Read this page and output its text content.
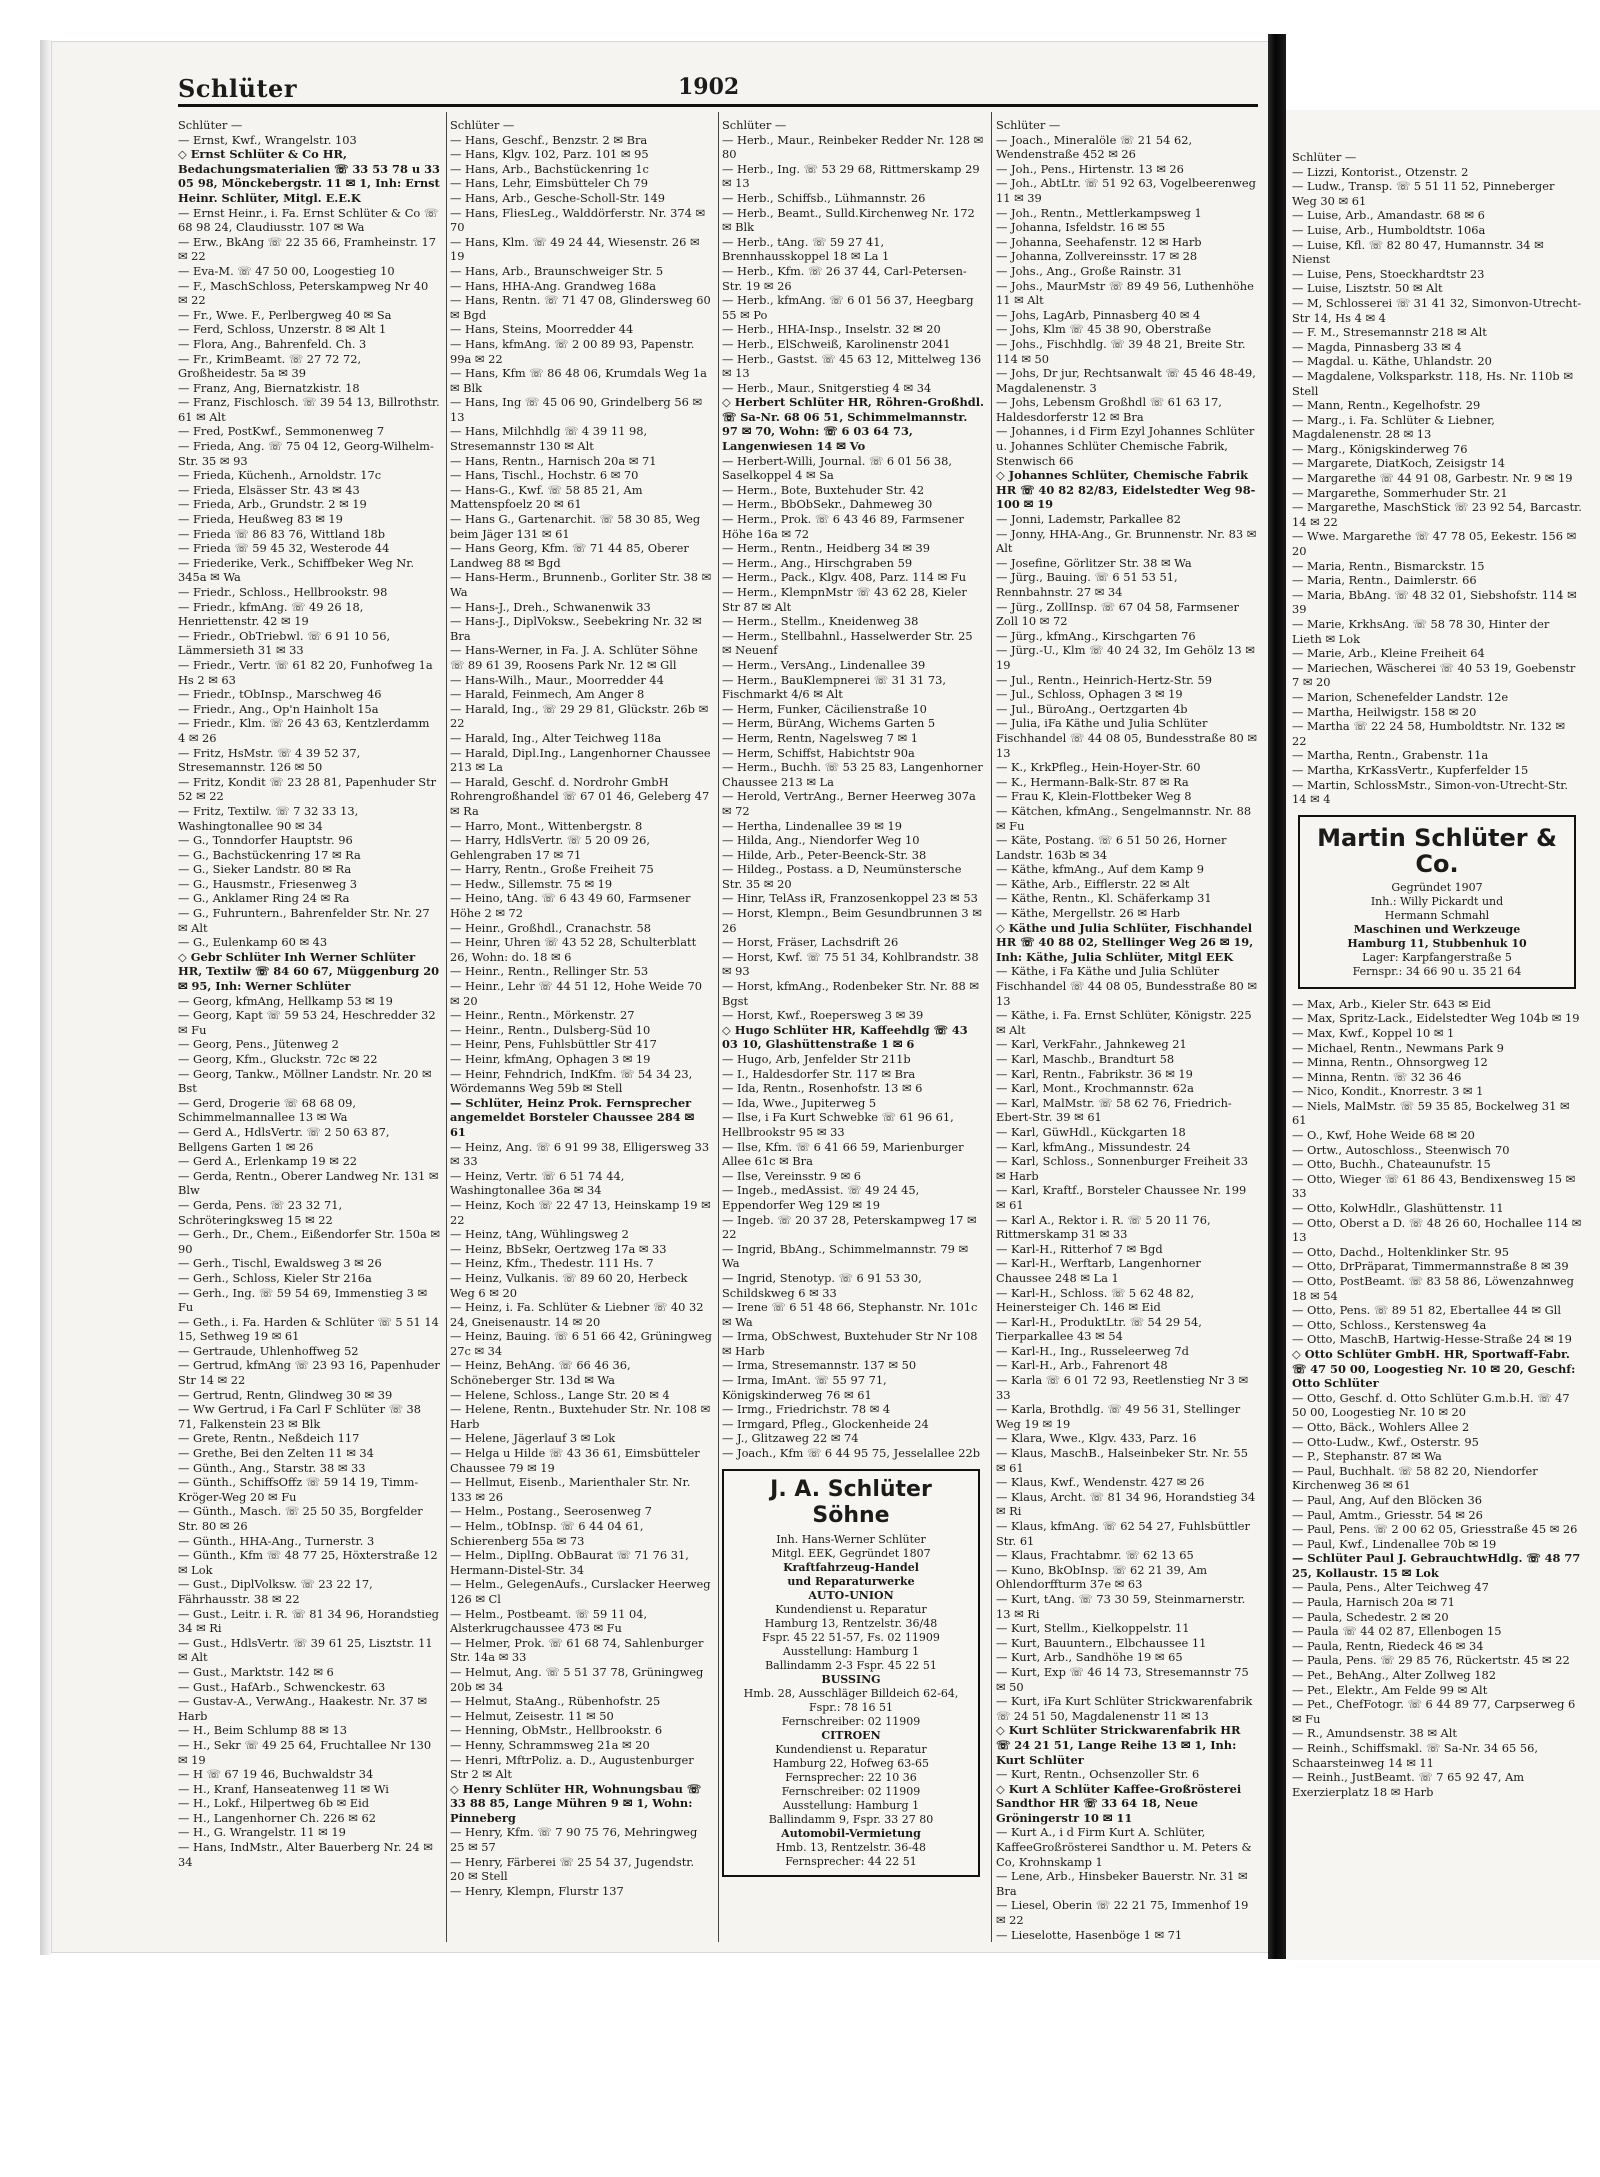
Schlüter	1902
Schlüter —
— Ernst, Kwf., Wrangelstr. 103
◇ Ernst Schlüter & Co HR, Bedachungsmaterialien ☏ 33 53 78 u 33 05 98, Mönckebergstr. 11 ✉ 1, Inh: Ernst Heinr. Schlüter, Mitgl. E.E.K
— Ernst Heinr., i. Fa. Ernst Schlüter & Co ☏ 68 98 24, Claudiusstr. 107 ✉ Wa
— Erw., BkAng ☏ 22 35 66, Framheinstr. 17 ✉ 22
— Eva-M. ☏ 47 50 00, Loogestieg 10
— F., MaschSchloss, Peterskampweg Nr 40 ✉ 22
— Fr., Wwe. F., Perlbergweg 40 ✉ Sa
— Ferd, Schloss, Unzerstr. 8 ✉ Alt 1
— Flora, Ang., Bahrenfeld. Ch. 3
— Fr., KrimBeamt. ☏ 27 72 72, Großheidestr. 5a ✉ 39
— Franz, Ang, Biernatzkistr. 18
— Franz, Fischlosch. ☏ 39 54 13, Billrothstr. 61 ✉ Alt
— Fred, PostKwf., Semmonenweg 7
— Frieda, Ang. ☏ 75 04 12, Georg-Wilhelm-Str. 35 ✉ 93
— Frieda, Küchenh., Arnoldstr. 17c
— Frieda, Elsässer Str. 43 ✉ 43
— Frieda, Arb., Grundstr. 2 ✉ 19
— Frieda, Heußweg 83 ✉ 19
— Frieda ☏ 86 83 76, Wittland 18b
— Frieda ☏ 59 45 32, Westerode 44
— Friederike, Verk., Schiffbeker Weg Nr. 345a ✉ Wa
— Friedr., Schloss., Hellbrookstr. 98
— Friedr., kfmAng. ☏ 49 26 18, Henriettenstr. 42 ✉ 19
— Friedr., ObTriebwl. ☏ 6 91 10 56, Lämmersieth 31 ✉ 33
— Friedr., Vertr. ☏ 61 82 20, Funhofweg 1a Hs 2 ✉ 63
— Friedr., tObInsp., Marschweg 46
— Friedr., Ang., Op'n Hainholt 15a
— Friedr., Klm. ☏ 26 43 63, Kentzlerdamm 4 ✉ 26
— Fritz, HsMstr. ☏ 4 39 52 37, Stresemannstr. 126 ✉ 50
— Fritz, Kondit ☏ 23 28 81, Papenhuder Str 52 ✉ 22
— Fritz, Textilw. ☏ 7 32 33 13, Washingtonallee 90 ✉ 34
— G., Tonndorfer Hauptstr. 96
— G., Bachstückenring 17 ✉ Ra
— G., Sieker Landstr. 80 ✉ Ra
— G., Hausmstr., Friesenweg 3
— G., Anklamer Ring 24 ✉ Ra
— G., Fuhruntern., Bahrenfelder Str. Nr. 27 ✉ Alt
— G., Eulenkamp 60 ✉ 43
◇ Gebr Schlüter Inh Werner Schlüter HR, Textilw ☏ 84 60 67, Müggenburg 20 ✉ 95, Inh: Werner Schlüter
— Georg, kfmAng, Hellkamp 53 ✉ 19
— Georg, Kapt ☏ 59 53 24, Heschredder 32 ✉ Fu
— Georg, Pens., Jütenweg 2
— Georg, Kfm., Gluckstr. 72c ✉ 22
— Georg, Tankw., Möllner Landstr. Nr. 20 ✉ Bst
— Gerd, Drogerie ☏ 68 68 09, Schimmelmannallee 13 ✉ Wa
— Gerd A., HdlsVertr. ☏ 2 50 63 87, Bellgens Garten 1 ✉ 26
— Gerd A., Erlenkamp 19 ✉ 22
— Gerda, Rentn., Oberer Landweg Nr. 131 ✉ Blw
— Gerda, Pens. ☏ 23 32 71, Schröteringksweg 15 ✉ 22
— Gerh., Dr., Chem., Eißendorfer Str. 150a ✉ 90
— Gerh., Tischl, Ewaldsweg 3 ✉ 26
— Gerh., Schloss, Kieler Str 216a
— Gerh., Ing. ☏ 59 54 69, Immenstieg 3 ✉ Fu
— Geth., i. Fa. Harden & Schlüter ☏ 5 51 14 15, Sethweg 19 ✉ 61
— Gertraude, Uhlenhoffweg 52
— Gertrud, kfmAng ☏ 23 93 16, Papenhuder Str 14 ✉ 22
— Gertrud, Rentn, Glindweg 30 ✉ 39
— Ww Gertrud, i Fa Carl F Schlüter ☏ 38 71, Falkenstein 23 ✉ Blk
— Grete, Rentn., Neßdeich 117
— Grethe, Bei den Zelten 11 ✉ 34
— Günth., Ang., Starstr. 38 ✉ 33
— Günth., SchiffsOffz ☏ 59 14 19, Timm-Kröger-Weg 20 ✉ Fu
— Günth., Masch. ☏ 25 50 35, Borgfelder Str. 80 ✉ 26
— Günth., HHA-Ang., Turnerstr. 3
— Günth., Kfm ☏ 48 77 25, Höxterstraße 12 ✉ Lok
— Gust., DiplVolksw. ☏ 23 22 17, Fährhausstr. 38 ✉ 22
— Gust., Leitr. i. R. ☏ 81 34 96, Horandstieg 34 ✉ Ri
— Gust., HdlsVertr. ☏ 39 61 25, Lisztstr. 11 ✉ Alt
— Gust., Marktstr. 142 ✉ 6
— Gust., HafArb., Schwenckestr. 63
— Gustav-A., VerwAng., Haakestr. Nr. 37 ✉ Harb
— H., Beim Schlump 88 ✉ 13
— H., Sekr ☏ 49 25 64, Fruchtallee Nr 130 ✉ 19
— H ☏ 67 19 46, Buchwaldstr 34
— H., Kranf, Hanseatenweg 11 ✉ Wi
— H., Lokf., Hilpertweg 6b ✉ Eid
— H., Langenhorner Ch. 226 ✉ 62
— H., G. Wrangelstr. 11 ✉ 19
— Hans, IndMstr., Alter Bauerberg Nr. 24 ✉ 34
Schlüter —
— Hans, Geschf., Benzstr. 2 ✉ Bra
— Hans, Klgv. 102, Parz. 101 ✉ 95
— Hans, Arb., Bachstückenring 1c
— Hans, Lehr, Eimsbütteler Ch 79
— Hans, Arb., Gesche-Scholl-Str. 149
— Hans, FliesLeg., Walddörferstr. Nr. 374 ✉ 70
— Hans, Klm. ☏ 49 24 44, Wiesenstr. 26 ✉ 19
— Hans, Arb., Braunschweiger Str. 5
— Hans, HHA-Ang. Grandweg 168a
— Hans, Rentn. ☏ 71 47 08, Glindersweg 60 ✉ Bgd
— Hans, Steins, Moorredder 44
— Hans, kfmAng. ☏ 2 00 89 93, Papenstr. 99a ✉ 22
— Hans, Kfm ☏ 86 48 06, Krumdals Weg 1a ✉ Blk
— Hans, Ing ☏ 45 06 90, Grindelberg 56 ✉ 13
— Hans, Milchhdlg ☏ 4 39 11 98, Stresemannstr 130 ✉ Alt
— Hans, Rentn., Harnisch 20a ✉ 71
— Hans, Tischl., Hochstr. 6 ✉ 70
— Hans-G., Kwf. ☏ 58 85 21, Am Mattenspfoelz 20 ✉ 61
— Hans G., Gartenarchit. ☏ 58 30 85, Weg beim Jäger 131 ✉ 61
— Hans Georg, Kfm. ☏ 71 44 85, Oberer Landweg 88 ✉ Bgd
— Hans-Herm., Brunnenb., Gorliter Str. 38 ✉ Wa
— Hans-J., Dreh., Schwanenwik 33
— Hans-J., DiplVoksw., Seebekring Nr. 32 ✉ Bra
— Hans-Werner, in Fa. J. A. Schlüter Söhne ☏ 89 61 39, Roosens Park Nr. 12 ✉ Gll
— Hans-Wilh., Maur., Moorredder 44
— Harald, Feinmech, Am Anger 8
— Harald, Ing., ☏ 29 29 81, Glückstr. 26b ✉ 22
— Harald, Ing., Alter Teichweg 118a
— Harald, Dipl.Ing., Langenhorner Chaussee 213 ✉ La
— Harald, Geschf. d. Nordrohr GmbH Rohrengroßhandel ☏ 67 01 46, Geleberg 47 ✉ Ra
— Harro, Mont., Wittenbergstr. 8
— Harry, HdlsVertr. ☏ 5 20 09 26, Gehlengraben 17 ✉ 71
— Harry, Rentn., Große Freiheit 75
— Hedw., Sillemstr. 75 ✉ 19
— Heino, tAng. ☏ 6 43 49 60, Farmsener Höhe 2 ✉ 72
— Heinr., Großhdl., Cranachstr. 58
— Heinr, Uhren ☏ 43 52 28, Schulterblatt 26, Wohn: do. 18 ✉ 6
— Heinr., Rentn., Rellinger Str. 53
— Heinr., Lehr ☏ 44 51 12, Hohe Weide 70 ✉ 20
— Heinr., Rentn., Mörkenstr. 27
— Heinr., Rentn., Dulsberg-Süd 10
— Heinr, Pens, Fuhlsbüttler Str 417
— Heinr, kfmAng, Ophagen 3 ✉ 19
— Heinr, Fehndrich, IndKfm. ☏ 54 34 23, Wördemanns Weg 59b ✉ Stell
— Schlüter, Heinz Prok. Fernsprecher angemeldet Borsteler Chaussee 284 ✉ 61
— Heinz, Ang. ☏ 6 91 99 38, Elligersweg 33 ✉ 33
— Heinz, Vertr. ☏ 6 51 74 44, Washingtonallee 36a ✉ 34
— Heinz, Koch ☏ 22 47 13, Heinskamp 19 ✉ 22
— Heinz, tAng, Wühlingsweg 2
— Heinz, BbSekr, Oertzweg 17a ✉ 33
— Heinz, Kfm., Thedestr. 111 Hs. 7
— Heinz, Vulkanis. ☏ 89 60 20, Herbeck Weg 6 ✉ 20
— Heinz, i. Fa. Schlüter & Liebner ☏ 40 32 24, Gneisenaustr. 14 ✉ 20
— Heinz, Bauing. ☏ 6 51 66 42, Grüningweg 27c ✉ 34
— Heinz, BehAng. ☏ 66 46 36, Schöneberger Str. 13d ✉ Wa
— Helene, Schloss., Lange Str. 20 ✉ 4
— Helene, Rentn., Buxtehuder Str. Nr. 108 ✉ Harb
— Helene, Jägerlauf 3 ✉ Lok
— Helga u Hilde ☏ 43 36 61, Eimsbütteler Chaussee 79 ✉ 19
— Hellmut, Eisenb., Marienthaler Str. Nr. 133 ✉ 26
— Helm., Postang., Seerosenweg 7
— Helm., tObInsp. ☏ 6 44 04 61, Schierenberg 55a ✉ 73
— Helm., DiplIng. ObBaurat ☏ 71 76 31, Hermann-Distel-Str. 34
— Helm., GelegenAufs., Curslacker Heerweg 126 ✉ Cl
— Helm., Postbeamt. ☏ 59 11 04, Alsterkrugchaussee 473 ✉ Fu
— Helmer, Prok. ☏ 61 68 74, Sahlenburger Str. 14a ✉ 33
— Helmut, Ang. ☏ 5 51 37 78, Grüningweg 20b ✉ 34
— Helmut, StaAng., Rübenhofstr. 25
— Helmut, Zeisestr. 11 ✉ 50
— Henning, ObMstr., Hellbrookstr. 6
— Henny, Schrammsweg 21a ✉ 20
— Henri, MftrPoliz. a. D., Augustenburger Str 2 ✉ Alt
◇ Henry Schlüter HR, Wohnungsbau ☏ 33 88 85, Lange Mühren 9 ✉ 1, Wohn: Pinneberg
— Henry, Kfm. ☏ 7 90 75 76, Mehringweg 25 ✉ 57
— Henry, Färberei ☏ 25 54 37, Jugendstr. 20 ✉ Stell
— Henry, Klempn, Flurstr 137
Schlüter —
— Herb., Maur., Reinbeker Redder Nr. 128 ✉ 80
— Herb., Ing. ☏ 53 29 68, Rittmerskamp 29 ✉ 13
— Herb., Schiffsb., Lühmannstr. 26
— Herb., Beamt., Sulld.Kirchenweg Nr. 172 ✉ Blk
— Herb., tAng. ☏ 59 27 41, Brennhausskoppel 18 ✉ La 1
— Herb., Kfm. ☏ 26 37 44, Carl-Petersen-Str. 19 ✉ 26
— Herb., kfmAng. ☏ 6 01 56 37, Heegbarg 55 ✉ Po
— Herb., HHA-Insp., Inselstr. 32 ✉ 20
— Herb., ElSchweiß, Karolinenstr 2041
— Herb., Gastst. ☏ 45 63 12, Mittelweg 136 ✉ 13
— Herb., Maur., Snitgerstieg 4 ✉ 34
◇ Herbert Schlüter HR, Röhren-Großhdl. ☏ Sa-Nr. 68 06 51, Schimmelmannstr. 97 ✉ 70, Wohn: ☏ 6 03 64 73, Langenwiesen 14 ✉ Vo
— Herbert-Willi, Journal. ☏ 6 01 56 38, Saselkoppel 4 ✉ Sa
— Herm., Bote, Buxtehuder Str. 42
— Herm., BbObSekr., Dahmeweg 30
— Herm., Prok. ☏ 6 43 46 89, Farmsener Höhe 16a ✉ 72
— Herm., Rentn., Heidberg 34 ✉ 39
— Herm., Ang., Hirschgraben 59
— Herm., Pack., Klgv. 408, Parz. 114 ✉ Fu
— Herm., KlempnMstr ☏ 43 62 28, Kieler Str 87 ✉ Alt
— Herm., Stellm., Kneidenweg 38
— Herm., Stellbahnl., Hasselwerder Str. 25 ✉ Neuenf
— Herm., VersAng., Lindenallee 39
— Herm., BauKlempnerei ☏ 31 31 73, Fischmarkt 4/6 ✉ Alt
— Herm, Funker, Cäcilienstraße 10
— Herm, BürAng, Wichems Garten 5
— Herm, Rentn, Nagelsweg 7 ✉ 1
— Herm, Schiffst, Habichtstr 90a
— Herm., Buchh. ☏ 53 25 83, Langenhorner Chaussee 213 ✉ La
— Herold, VertrAng., Berner Heerweg 307a ✉ 72
— Hertha, Lindenallee 39 ✉ 19
— Hilda, Ang., Niendorfer Weg 10
— Hilde, Arb., Peter-Beenck-Str. 38
— Hildeg., Postass. a D, Neumünstersche Str. 35 ✉ 20
— Hinr, TelAss iR, Franzosenkoppel 23 ✉ 53
— Horst, Klempn., Beim Gesundbrunnen 3 ✉ 26
— Horst, Fräser, Lachsdrift 26
— Horst, Kwf. ☏ 75 51 34, Kohlbrandstr. 38 ✉ 93
— Horst, kfmAng., Rodenbeker Str. Nr. 88 ✉ Bgst
— Horst, Kwf., Roepersweg 3 ✉ 39
◇ Hugo Schlüter HR, Kaffeehdlg ☏ 43 03 10, Glashüttenstraße 1 ✉ 6
— Hugo, Arb, Jenfelder Str 211b
— I., Haldesdorfer Str. 117 ✉ Bra
— Ida, Rentn., Rosenhofstr. 13 ✉ 6
— Ida, Wwe., Jupiterweg 5
— Ilse, i Fa Kurt Schwebke ☏ 61 96 61, Hellbrookstr 95 ✉ 33
— Ilse, Kfm. ☏ 6 41 66 59, Marienburger Allee 61c ✉ Bra
— Ilse, Vereinsstr. 9 ✉ 6
— Ingeb., medAssist. ☏ 49 24 45, Eppendorfer Weg 129 ✉ 19
— Ingeb. ☏ 20 37 28, Peterskampweg 17 ✉ 22
— Ingrid, BbAng., Schimmelmannstr. 79 ✉ Wa
— Ingrid, Stenotyp. ☏ 6 91 53 30, Schildskweg 6 ✉ 33
— Irene ☏ 6 51 48 66, Stephanstr. Nr. 101c ✉ Wa
— Irma, ObSchwest, Buxtehuder Str Nr 108 ✉ Harb
— Irma, Stresemannstr. 137 ✉ 50
— Irma, ImAnt. ☏ 55 97 71, Königskinderweg 76 ✉ 61
— Irmg., Friedrichstr. 78 ✉ 4
— Irmgard, Pfleg., Glockenheide 24
— J., Glitzaweg 22 ✉ 74
— Joach., Kfm ☏ 6 44 95 75, Jesselallee 22b
J. A. Schlüter Söhne
Inh. Hans-Werner Schlüter
Mitgl. EEK, Gegründet 1807
Kraftfahrzeug-Handel
und Reparaturwerke
AUTO-UNION
Kundendienst u. Reparatur
Hamburg 13, Rentzelstr. 36/48
Fspr. 45 22 51-57, Fs. 02 11909
Ausstellung: Hamburg 1
Ballindamm 2-3 Fspr. 45 22 51
BUSSING
Hmb. 28, Ausschläger Billdeich 62-64, Fspr.: 78 16 51
Fernschreiber: 02 11909
CITROEN
Kundendienst u. Reparatur
Hamburg 22, Hofweg 63-65
Fernsprecher: 22 10 36
Fernschreiber: 02 11909
Ausstellung: Hamburg 1
Ballindamm 9, Fspr. 33 27 80
Automobil-Vermietung
Hmb. 13, Rentzelstr. 36-48
Fernsprecher: 44 22 51
Schlüter —
— Joach., Mineralöle ☏ 21 54 62, Wendenstraße 452 ✉ 26
— Joh., Pens., Hirtenstr. 13 ✉ 26
— Joh., AbtLtr. ☏ 51 92 63, Vogelbeerenweg 11 ✉ 39
— Joh., Rentn., Mettlerkampsweg 1
— Johanna, Isfeldstr. 16 ✉ 55
— Johanna, Seehafenstr. 12 ✉ Harb
— Johanna, Zollvereinsstr. 17 ✉ 28
— Johs., Ang., Große Rainstr. 31
— Johs., MaurMstr ☏ 89 49 56, Luthenhöhe 11 ✉ Alt
— Johs, LagArb, Pinnasberg 40 ✉ 4
— Johs, Klm ☏ 45 38 90, Oberstraße
— Johs., Fischhdlg. ☏ 39 48 21, Breite Str. 114 ✉ 50
— Johs, Dr jur, Rechtsanwalt ☏ 45 46 48-49, Magdalenenstr. 3
— Johs, Lebensm Großhdl ☏ 61 63 17, Haldesdorferstr 12 ✉ Bra
— Johannes, i d Firm Ezyl Johannes Schlüter u. Johannes Schlüter Chemische Fabrik, Stenwisch 66
◇ Johannes Schlüter, Chemische Fabrik HR ☏ 40 82 82/83, Eidelstedter Weg 98-100 ✉ 19
— Jonni, Lademstr, Parkallee 82
— Jonny, HHA-Ang., Gr. Brunnenstr. Nr. 83 ✉ Alt
— Josefine, Görlitzer Str. 38 ✉ Wa
— Jürg., Bauing. ☏ 6 51 53 51, Rennbahnstr. 27 ✉ 34
— Jürg., ZollInsp. ☏ 67 04 58, Farmsener Zoll 10 ✉ 72
— Jürg., kfmAng., Kirschgarten 76
— Jürg.-U., Klm ☏ 40 24 32, Im Gehölz 13 ✉ 19
— Jul., Rentn., Heinrich-Hertz-Str. 59
— Jul., Schloss, Ophagen 3 ✉ 19
— Jul., BüroAng., Oertzgarten 4b
— Julia, iFa Käthe und Julia Schlüter Fischhandel ☏ 44 08 05, Bundesstraße 80 ✉ 13
— K., KrkPfleg., Hein-Hoyer-Str. 60
— K., Hermann-Balk-Str. 87 ✉ Ra
— Frau K, Klein-Flottbeker Weg 8
— Kätchen, kfmAng., Sengelmannstr. Nr. 88 ✉ Fu
— Käte, Postang. ☏ 6 51 50 26, Horner Landstr. 163b ✉ 34
— Käthe, kfmAng., Auf dem Kamp 9
— Käthe, Arb., Eifflerstr. 22 ✉ Alt
— Käthe, Rentn., Kl. Schäferkamp 31
— Käthe, Mergellstr. 26 ✉ Harb
◇ Käthe und Julia Schlüter, Fischhandel HR ☏ 40 88 02, Stellinger Weg 26 ✉ 19, Inh: Käthe, Julia Schlüter, Mitgl EEK
— Käthe, i Fa Käthe und Julia Schlüter Fischhandel ☏ 44 08 05, Bundesstraße 80 ✉ 13
— Käthe, i. Fa. Ernst Schlüter, Königstr. 225 ✉ Alt
— Karl, VerkFahr., Jahnkeweg 21
— Karl, Maschb., Brandturt 58
— Karl, Rentn., Fabrikstr. 36 ✉ 19
— Karl, Mont., Krochmannstr. 62a
— Karl, MalMstr. ☏ 58 62 76, Friedrich-Ebert-Str. 39 ✉ 61
— Karl, GüwHdl., Kückgarten 18
— Karl, kfmAng., Missundestr. 24
— Karl, Schloss., Sonnenburger Freiheit 33 ✉ Harb
— Karl, Kraftf., Borsteler Chaussee Nr. 199 ✉ 61
— Karl A., Rektor i. R. ☏ 5 20 11 76, Rittmerskamp 31 ✉ 33
— Karl-H., Ritterhof 7 ✉ Bgd
— Karl-H., Werftarb, Langenhorner Chaussee 248 ✉ La 1
— Karl-H., Schloss. ☏ 5 62 48 82, Heinersteiger Ch. 146 ✉ Eid
— Karl-H., ProduktLtr. ☏ 54 29 54, Tierparkallee 43 ✉ 54
— Karl-H., Ing., Russeleerweg 7d
— Karl-H., Arb., Fahrenort 48
— Karla ☏ 6 01 72 93, Reetlenstieg Nr 3 ✉ 33
— Karla, Brothdlg. ☏ 49 56 31, Stellinger Weg 19 ✉ 19
— Klara, Wwe., Klgv. 433, Parz. 16
— Klaus, MaschB., Halseinbeker Str. Nr. 55 ✉ 61
— Klaus, Kwf., Wendenstr. 427 ✉ 26
— Klaus, Archt. ☏ 81 34 96, Horandstieg 34 ✉ Ri
— Klaus, kfmAng. ☏ 62 54 27, Fuhlsbüttler Str. 61
— Klaus, Frachtabmr. ☏ 62 13 65
— Kuno, BkObInsp. ☏ 62 21 39, Am Ohlendorffturm 37e ✉ 63
— Kurt, tAng. ☏ 73 30 59, Steinmarnerstr. 13 ✉ Ri
— Kurt, Stellm., Kielkoppelstr. 11
— Kurt, Bauuntern., Elbchaussee 11
— Kurt, Arb., Sandhöhe 19 ✉ 65
— Kurt, Exp ☏ 46 14 73, Stresemannstr 75 ✉ 50
— Kurt, iFa Kurt Schlüter Strickwarenfabrik ☏ 24 51 50, Magdalenenstr 11 ✉ 13
◇ Kurt Schlüter Strickwarenfabrik HR ☏ 24 21 51, Lange Reihe 13 ✉ 1, Inh: Kurt Schlüter
— Kurt, Rentn., Ochsenzoller Str. 6
◇ Kurt A Schlüter Kaffee-Großrösterei Sandthor HR ☏ 33 64 18, Neue Gröningerstr 10 ✉ 11
— Kurt A., i d Firm Kurt A. Schlüter, KaffeeGroßrösterei Sandthor u. M. Peters & Co, Krohnskamp 1
— Lene, Arb., Hinsbeker Bauerstr. Nr. 31 ✉ Bra
— Liesel, Oberin ☏ 22 21 75, Immenhof 19 ✉ 22
— Lieselotte, Hasenböge 1 ✉ 71
Schlüter —
— Lizzi, Kontorist., Otzenstr. 2
— Ludw., Transp. ☏ 5 51 11 52, Pinneberger Weg 30 ✉ 61
— Luise, Arb., Amandastr. 68 ✉ 6
— Luise, Arb., Humboldtstr. 106a
— Luise, Kfl. ☏ 82 80 47, Humannstr. 34 ✉ Nienst
— Luise, Pens, Stoeckhardtstr 23
— Luise, Lisztstr. 50 ✉ Alt
— M, Schlosserei ☏ 31 41 32, Simonvon-Utrecht-Str 14, Hs 4 ✉ 4
— F. M., Stresemannstr 218 ✉ Alt
— Magda, Pinnasberg 33 ✉ 4
— Magdal. u. Käthe, Uhlandstr. 20
— Magdalene, Volksparkstr. 118, Hs. Nr. 110b ✉ Stell
— Mann, Rentn., Kegelhofstr. 29
— Marg., i. Fa. Schlüter & Liebner, Magdalenenstr. 28 ✉ 13
— Marg., Königskinderweg 76
— Margarete, DiatKoch, Zeisigstr 14
— Margarethe ☏ 44 91 08, Garbestr. Nr. 9 ✉ 19
— Margarethe, Sommerhuder Str. 21
— Margarethe, MaschStick ☏ 23 92 54, Barcastr. 14 ✉ 22
— Wwe. Margarethe ☏ 47 78 05, Eekestr. 156 ✉ 20
— Maria, Rentn., Bismarckstr. 15
— Maria, Rentn., Daimlerstr. 66
— Maria, BbAng. ☏ 48 32 01, Siebshofstr. 114 ✉ 39
— Marie, KrkhsAng. ☏ 58 78 30, Hinter der Lieth ✉ Lok
— Marie, Arb., Kleine Freiheit 64
— Mariechen, Wäscherei ☏ 40 53 19, Goebenstr 7 ✉ 20
— Marion, Schenefelder Landstr. 12e
— Martha, Heilwigstr. 158 ✉ 20
— Martha ☏ 22 24 58, Humboldtstr. Nr. 132 ✉ 22
— Martha, Rentn., Grabenstr. 11a
— Martha, KrKassVertr., Kupferfelder 15
— Martin, SchlossMstr., Simon-von-Utrecht-Str. 14 ✉ 4
Martin Schlüter & Co.
Gegründet 1907
Inh.: Willy Pickardt und
Hermann Schmahl
Maschinen und Werkzeuge
Hamburg 11, Stubbenhuk 10
Lager: Karpfangerstraße 5
Fernspr.: 34 66 90 u. 35 21 64
— Max, Arb., Kieler Str. 643 ✉ Eid
— Max, Spritz-Lack., Eidelstedter Weg 104b ✉ 19
— Max, Kwf., Koppel 10 ✉ 1
— Michael, Rentn., Newmans Park 9
— Minna, Rentn., Ohnsorgweg 12
— Minna, Rentn. ☏ 32 36 46
— Nico, Kondit., Knorrestr. 3 ✉ 1
— Niels, MalMstr. ☏ 59 35 85, Bockelweg 31 ✉ 61
— O., Kwf, Hohe Weide 68 ✉ 20
— Ortw., Autoschloss., Steenwisch 70
— Otto, Buchh., Chateaunufstr. 15
— Otto, Wieger ☏ 61 86 43, Bendixensweg 15 ✉ 33
— Otto, KolwHdlr., Glashüttenstr. 11
— Otto, Oberst a D. ☏ 48 26 60, Hochallee 114 ✉ 13
— Otto, Dachd., Holtenklinker Str. 95
— Otto, DrPräparat, Timmermannstraße 8 ✉ 39
— Otto, PostBeamt. ☏ 83 58 86, Löwenzahnweg 18 ✉ 54
— Otto, Pens. ☏ 89 51 82, Ebertallee 44 ✉ Gll
— Otto, Schloss., Kerstensweg 4a
— Otto, MaschB, Hartwig-Hesse-Straße 24 ✉ 19
◇ Otto Schlüter GmbH. HR, Sportwaff-Fabr. ☏ 47 50 00, Loogestieg Nr. 10 ✉ 20, Geschf: Otto Schlüter
— Otto, Geschf. d. Otto Schlüter G.m.b.H. ☏ 47 50 00, Loogestieg Nr. 10 ✉ 20
— Otto, Bäck., Wohlers Allee 2
— Otto-Ludw., Kwf., Osterstr. 95
— P., Stephanstr. 87 ✉ Wa
— Paul, Buchhalt. ☏ 58 82 20, Niendorfer Kirchenweg 36 ✉ 61
— Paul, Ang, Auf den Blöcken 36
— Paul, Amtm., Griesstr. 54 ✉ 26
— Paul, Pens. ☏ 2 00 62 05, Griesstraße 45 ✉ 26
— Paul, Kwf., Lindenallee 70b ✉ 19
— Schlüter Paul J. GebrauchtwHdlg. ☏ 48 77 25, Kollaustr. 15 ✉ Lok
— Paula, Pens., Alter Teichweg 47
— Paula, Harnisch 20a ✉ 71
— Paula, Schedestr. 2 ✉ 20
— Paula ☏ 44 02 87, Ellenbogen 15
— Paula, Rentn, Riedeck 46 ✉ 34
— Paula, Pens. ☏ 29 85 76, Rückertstr. 45 ✉ 22
— Pet., BehAng., Alter Zollweg 182
— Pet., Elektr., Am Felde 99 ✉ Alt
— Pet., ChefFotogr. ☏ 6 44 89 77, Carpserweg 6 ✉ Fu
— R., Amundsenstr. 38 ✉ Alt
— Reinh., Schiffsmakl. ☏ Sa-Nr. 34 65 56, Schaarsteinweg 14 ✉ 11
— Reinh., JustBeamt. ☏ 7 65 92 47, Am Exerzierplatz 18 ✉ Harb
